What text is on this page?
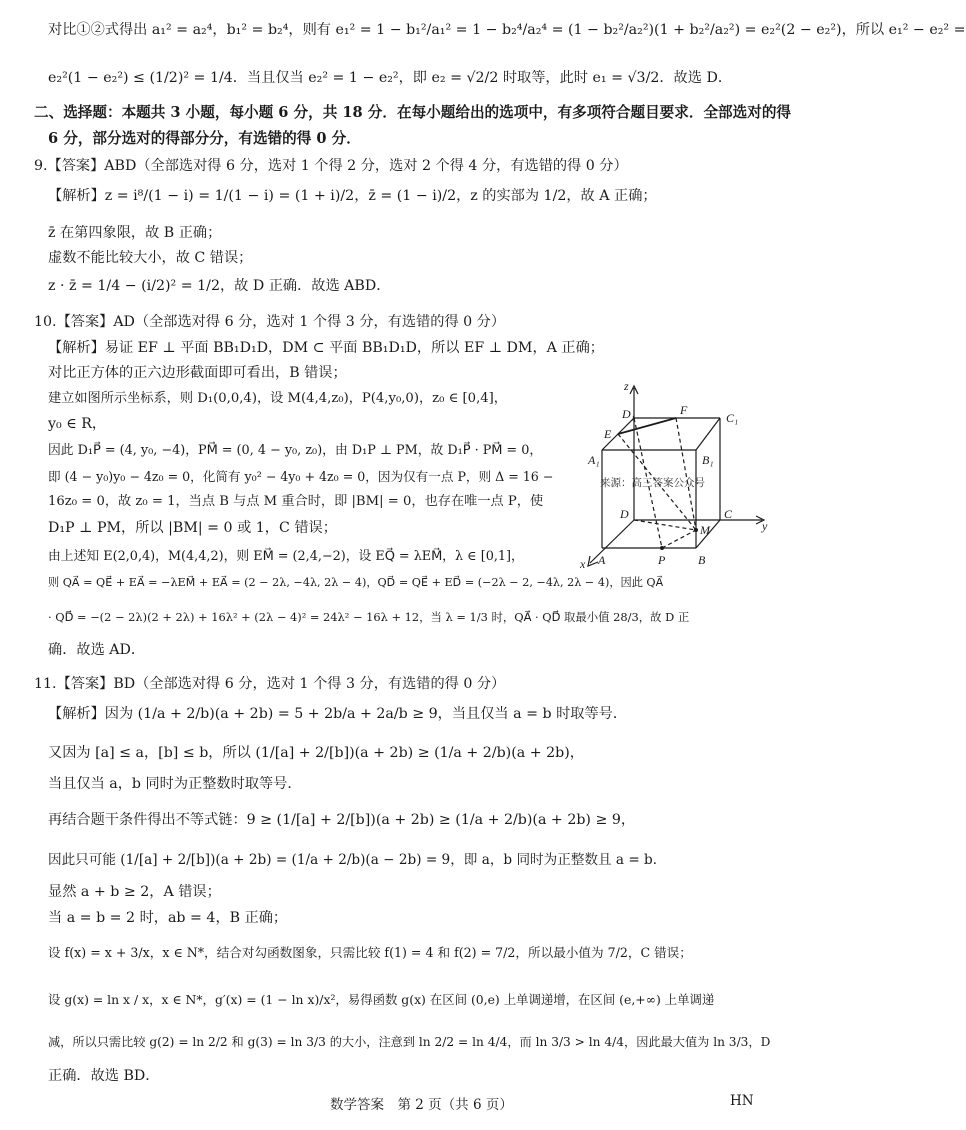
对比①②式得出 a₁² = a₂⁴，b₁² = b₂⁴，则有 e₁² = 1 − b₁²/a₁² = 1 − b₂⁴/a₂⁴ = (1 − b₂²/a₂²)(1 + b₂²/a₂²) = e₂²(2 − e₂²)，所以 e₁² − e₂² =
e₂²(1 − e₂²) ≤ (1/2)² = 1/4．当且仅当 e₂² = 1 − e₂²，即 e₂ = √2/2 时取等，此时 e₁ = √3/2．故选 D．
二、选择题：本题共 3 小题，每小题 6 分，共 18 分．在每小题给出的选项中，有多项符合题目要求．全部选对的得
6 分，部分选对的得部分分，有选错的得 0 分．
9.【答案】ABD（全部选对得 6 分，选对 1 个得 2 分，选对 2 个得 4 分，有选错的得 0 分）
【解析】z = i⁸/(1 − i) = 1/(1 − i) = (1 + i)/2，z̄ = (1 − i)/2，z 的实部为 1/2，故 A 正确；
z̄ 在第四象限，故 B 正确；
虚数不能比较大小，故 C 错误；
z · z̄ = 1/4 − (i/2)² = 1/2，故 D 正确．故选 ABD．
10.【答案】AD（全部选对得 6 分，选对 1 个得 3 分，有选错的得 0 分）
【解析】易证 EF ⊥ 平面 BB₁D₁D，DM ⊂ 平面 BB₁D₁D，所以 EF ⊥ DM，A 正确；
对比正方体的正六边形截面即可看出，B 错误；
建立如图所示坐标系，则 D₁(0,0,4)，设 M(4,4,z₀)，P(4,y₀,0)，z₀ ∈ [0,4]，
y₀ ∈ R，
因此 D₁P⃗ = (4, y₀, −4)，PM⃗ = (0, 4 − y₀, z₀)，由 D₁P ⊥ PM，故 D₁P⃗ · PM⃗ = 0，
即 (4 − y₀)y₀ − 4z₀ = 0，化简有 y₀² − 4y₀ + 4z₀ = 0，因为仅有一点 P，则 Δ = 16 −
16z₀ = 0，故 z₀ = 1，当点 B 与点 M 重合时，即 |BM| = 0，也存在唯一点 P，使
D₁P ⊥ PM，所以 |BM| = 0 或 1，C 错误；
由上述知 E(2,0,4)，M(4,4,2)，则 EM⃗ = (2,4,−2)，设 EQ⃗ = λEM⃗，λ ∈ [0,1]，
则 QA⃗ = QE⃗ + EA⃗ = −λEM⃗ + EA⃗ = (2 − 2λ, −4λ, 2λ − 4)，QD⃗ = QE⃗ + ED⃗ = (−2λ − 2, −4λ, 2λ − 4)，因此 QA⃗
· QD⃗ = −(2 − 2λ)(2 + 2λ) + 16λ² + (2λ − 4)² = 24λ² − 16λ + 12，当 λ = 1/3 时，QA⃗ · QD⃗ 取最小值 28/3，故 D 正
确．故选 AD．
11.【答案】BD（全部选对得 6 分，选对 1 个得 3 分，有选错的得 0 分）
【解析】因为 (1/a + 2/b)(a + 2b) = 5 + 2b/a + 2a/b ≥ 9，当且仅当 a = b 时取等号．
又因为 [a] ≤ a，[b] ≤ b，所以 (1/[a] + 2/[b])(a + 2b) ≥ (1/a + 2/b)(a + 2b)，
当且仅当 a，b 同时为正整数时取等号．
再结合题干条件得出不等式链：9 ≥ (1/[a] + 2/[b])(a + 2b) ≥ (1/a + 2/b)(a + 2b) ≥ 9，
因此只可能 (1/[a] + 2/[b])(a + 2b) = (1/a + 2/b)(a − 2b) = 9，即 a，b 同时为正整数且 a = b．
显然 a + b ≥ 2，A 错误；
当 a = b = 2 时，ab = 4，B 正确；
设 f(x) = x + 3/x，x ∈ N*，结合对勾函数图象，只需比较 f(1) = 4 和 f(2) = 7/2，所以最小值为 7/2，C 错误；
设 g(x) = ln x / x，x ∈ N*，g′(x) = (1 − ln x)/x²，易得函数 g(x) 在区间 (0,e) 上单调递增，在区间 (e,+∞) 上单调递
减，所以只需比较 g(2) = ln 2/2 和 g(3) = ln 3/3 的大小，注意到 ln 2/2 = ln 4/4，而 ln 3/3 > ln 4/4，因此最大值为 ln 3/3，D
正确．故选 BD．
z
y
x
D₁	F
C₁
E
A₁	B₁
D	C
A	P	B
M
来源：高三答案公众号
数学答案　第 2 页（共 6 页）	HN
